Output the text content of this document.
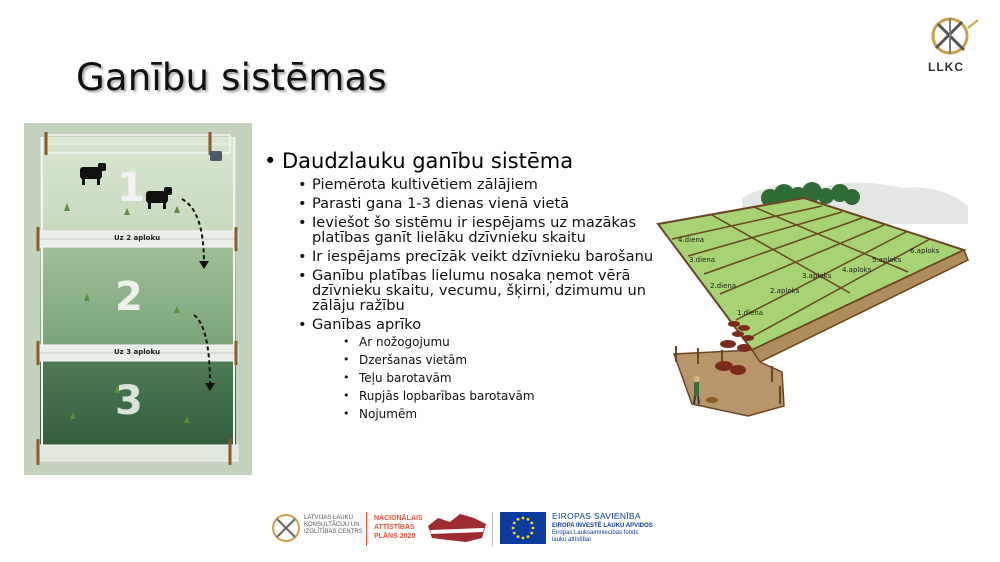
Ganību sistēmas	LLKC
1
2
3
Uz 2 aploku
Uz 3 aploku
• Daudzlauku ganību sistēma
• Piemērota kultivētiem zālājiem
• Parasti gana 1-3 dienas vienā vietā
• Ieviešot šo sistēmu ir iespējams uz mazākas platības ganīt lielāku dzīvnieku skaitu
• Ir iespējams precīzāk veikt dzīvnieku barošanu
• Ganību platības lielumu nosaka ņemot vērā dzīvnieku skaitu, vecumu, šķirni, dzimumu un zālāju ražību
• Ganības aprīko
• Ar nožogojumu
• Dzeršanas vietām
• Teļu barotavām
• Rupjās lopbarības barotavām
• Nojumēm
4.diena
3.diena
2.diena
1.diena
2.aploks
3.aploks
4.aploks
5.aploks
6.aploks
LATVIJAS LAUKU
KONSULTĀCIJU UN
IZGLĪTĪBAS CENTRS
NACIONĀLAIS
ATTĪSTĪBAS
PLĀNS 2020
EIROPAS SAVIENĪBA
EIROPA INVESTĒ LAUKU APVIDOS
Eiropas Lauksaimniecības fonds
lauku attīstībai
